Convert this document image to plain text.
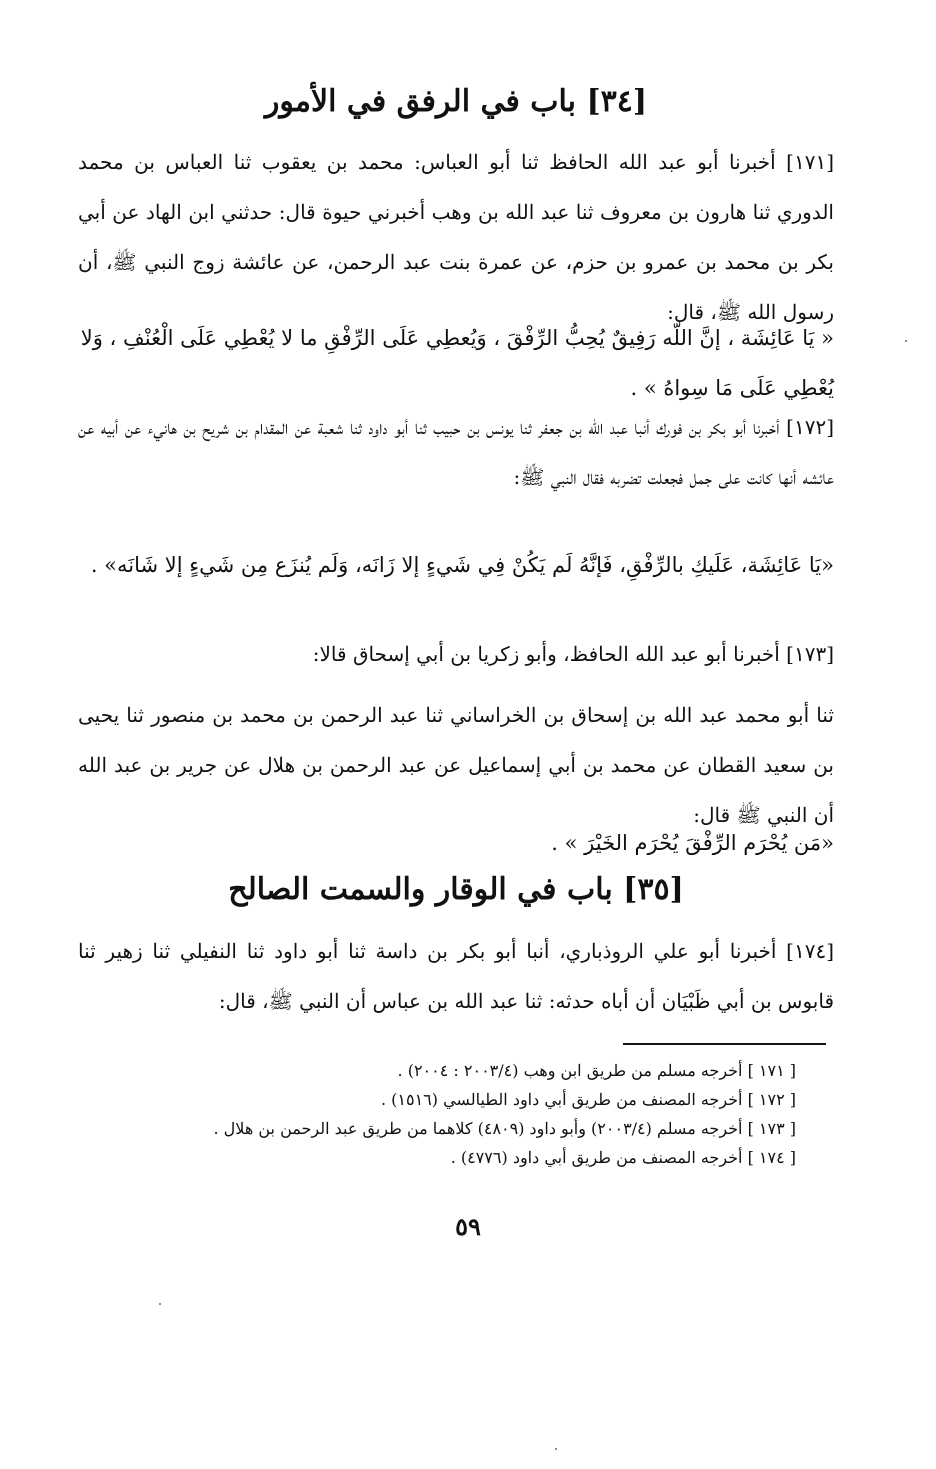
[٣٤] باب في الرفق في الأمور

[١٧١] أخبرنا أبو عبد الله الحافظ ثنا أبو العباس: محمد بن يعقوب ثنا العباس بن محمد الدوري ثنا هارون بن معروف ثنا عبد الله بن وهب أخبرني حيوة قال: حدثني ابن الهاد عن أبي بكر بن محمد بن عمرو بن حزم، عن عمرة بنت عبد الرحمن، عن عائشة زوج النبي ﷺ، أن رسول الله ﷺ، قال:

« يَا عَائِشَة ، إنَّ اللّه رَفِيقٌ يُحِبُّ الرِّفْقَ ، وَيُعطِي عَلَى الرِّفْقِ ما لا يُعْطِي عَلَى الْعُنْفِ ، وَلا يُعْطِي عَلَى مَا سِواهُ » .

[١٧٢] أخبرنا أبو بكر بن فورك أنبا عبد الله بن جعفر ثنا يونس بن حبيب ثنا أبو داود ثنا شعبة عن المقدام بن شريح بن هانيء عن أبيه عن عائشه أنها كانت على جمل فجعلت تضربه فقال النبي ﷺ:

«يَا عَائِشَة، عَلَيكِ بالرِّفْقِ، فَإنَّهُ لَم يَكُنْ فِي شَيءٍ إلا زَانَه، وَلَم يُنزَع مِن شَيءٍ إلا شَانَه» .

[١٧٣] أخبرنا أبو عبد الله الحافظ، وأبو زكريا بن أبي إسحاق قالا:

ثنا أبو محمد عبد الله بن إسحاق بن الخراساني ثنا عبد الرحمن بن محمد بن منصور ثنا يحيى بن سعيد القطان عن محمد بن أبي إسماعيل عن عبد الرحمن بن هلال عن جرير بن عبد الله أن النبي ﷺ قال:

«مَن يُحْرَم الرِّفْقَ يُحْرَم الخَيْرَ » .

[٣٥] باب في الوقار والسمت الصالح

[١٧٤] أخبرنا أبو علي الروذباري، أنبا أبو بكر بن داسة ثنا أبو داود ثنا النفيلي ثنا زهير ثنا قابوس بن أبي ظَبْيَان أن أباه حدثه: ثنا عبد الله بن عباس أن النبي ﷺ، قال:

[ ١٧١ ] أخرجه مسلم من طريق ابن وهب (٢٠٠٣/٤ : ٢٠٠٤) .
[ ١٧٢ ] أخرجه المصنف من طريق أبي داود الطيالسي (١٥١٦) .
[ ١٧٣ ] أخرجه مسلم (٢٠٠٣/٤) وأبو داود (٤٨٠٩) كلاهما من طريق عبد الرحمن بن هلال .
[ ١٧٤ ] أخرجه المصنف من طريق أبي داود (٤٧٧٦) .
٥٩
